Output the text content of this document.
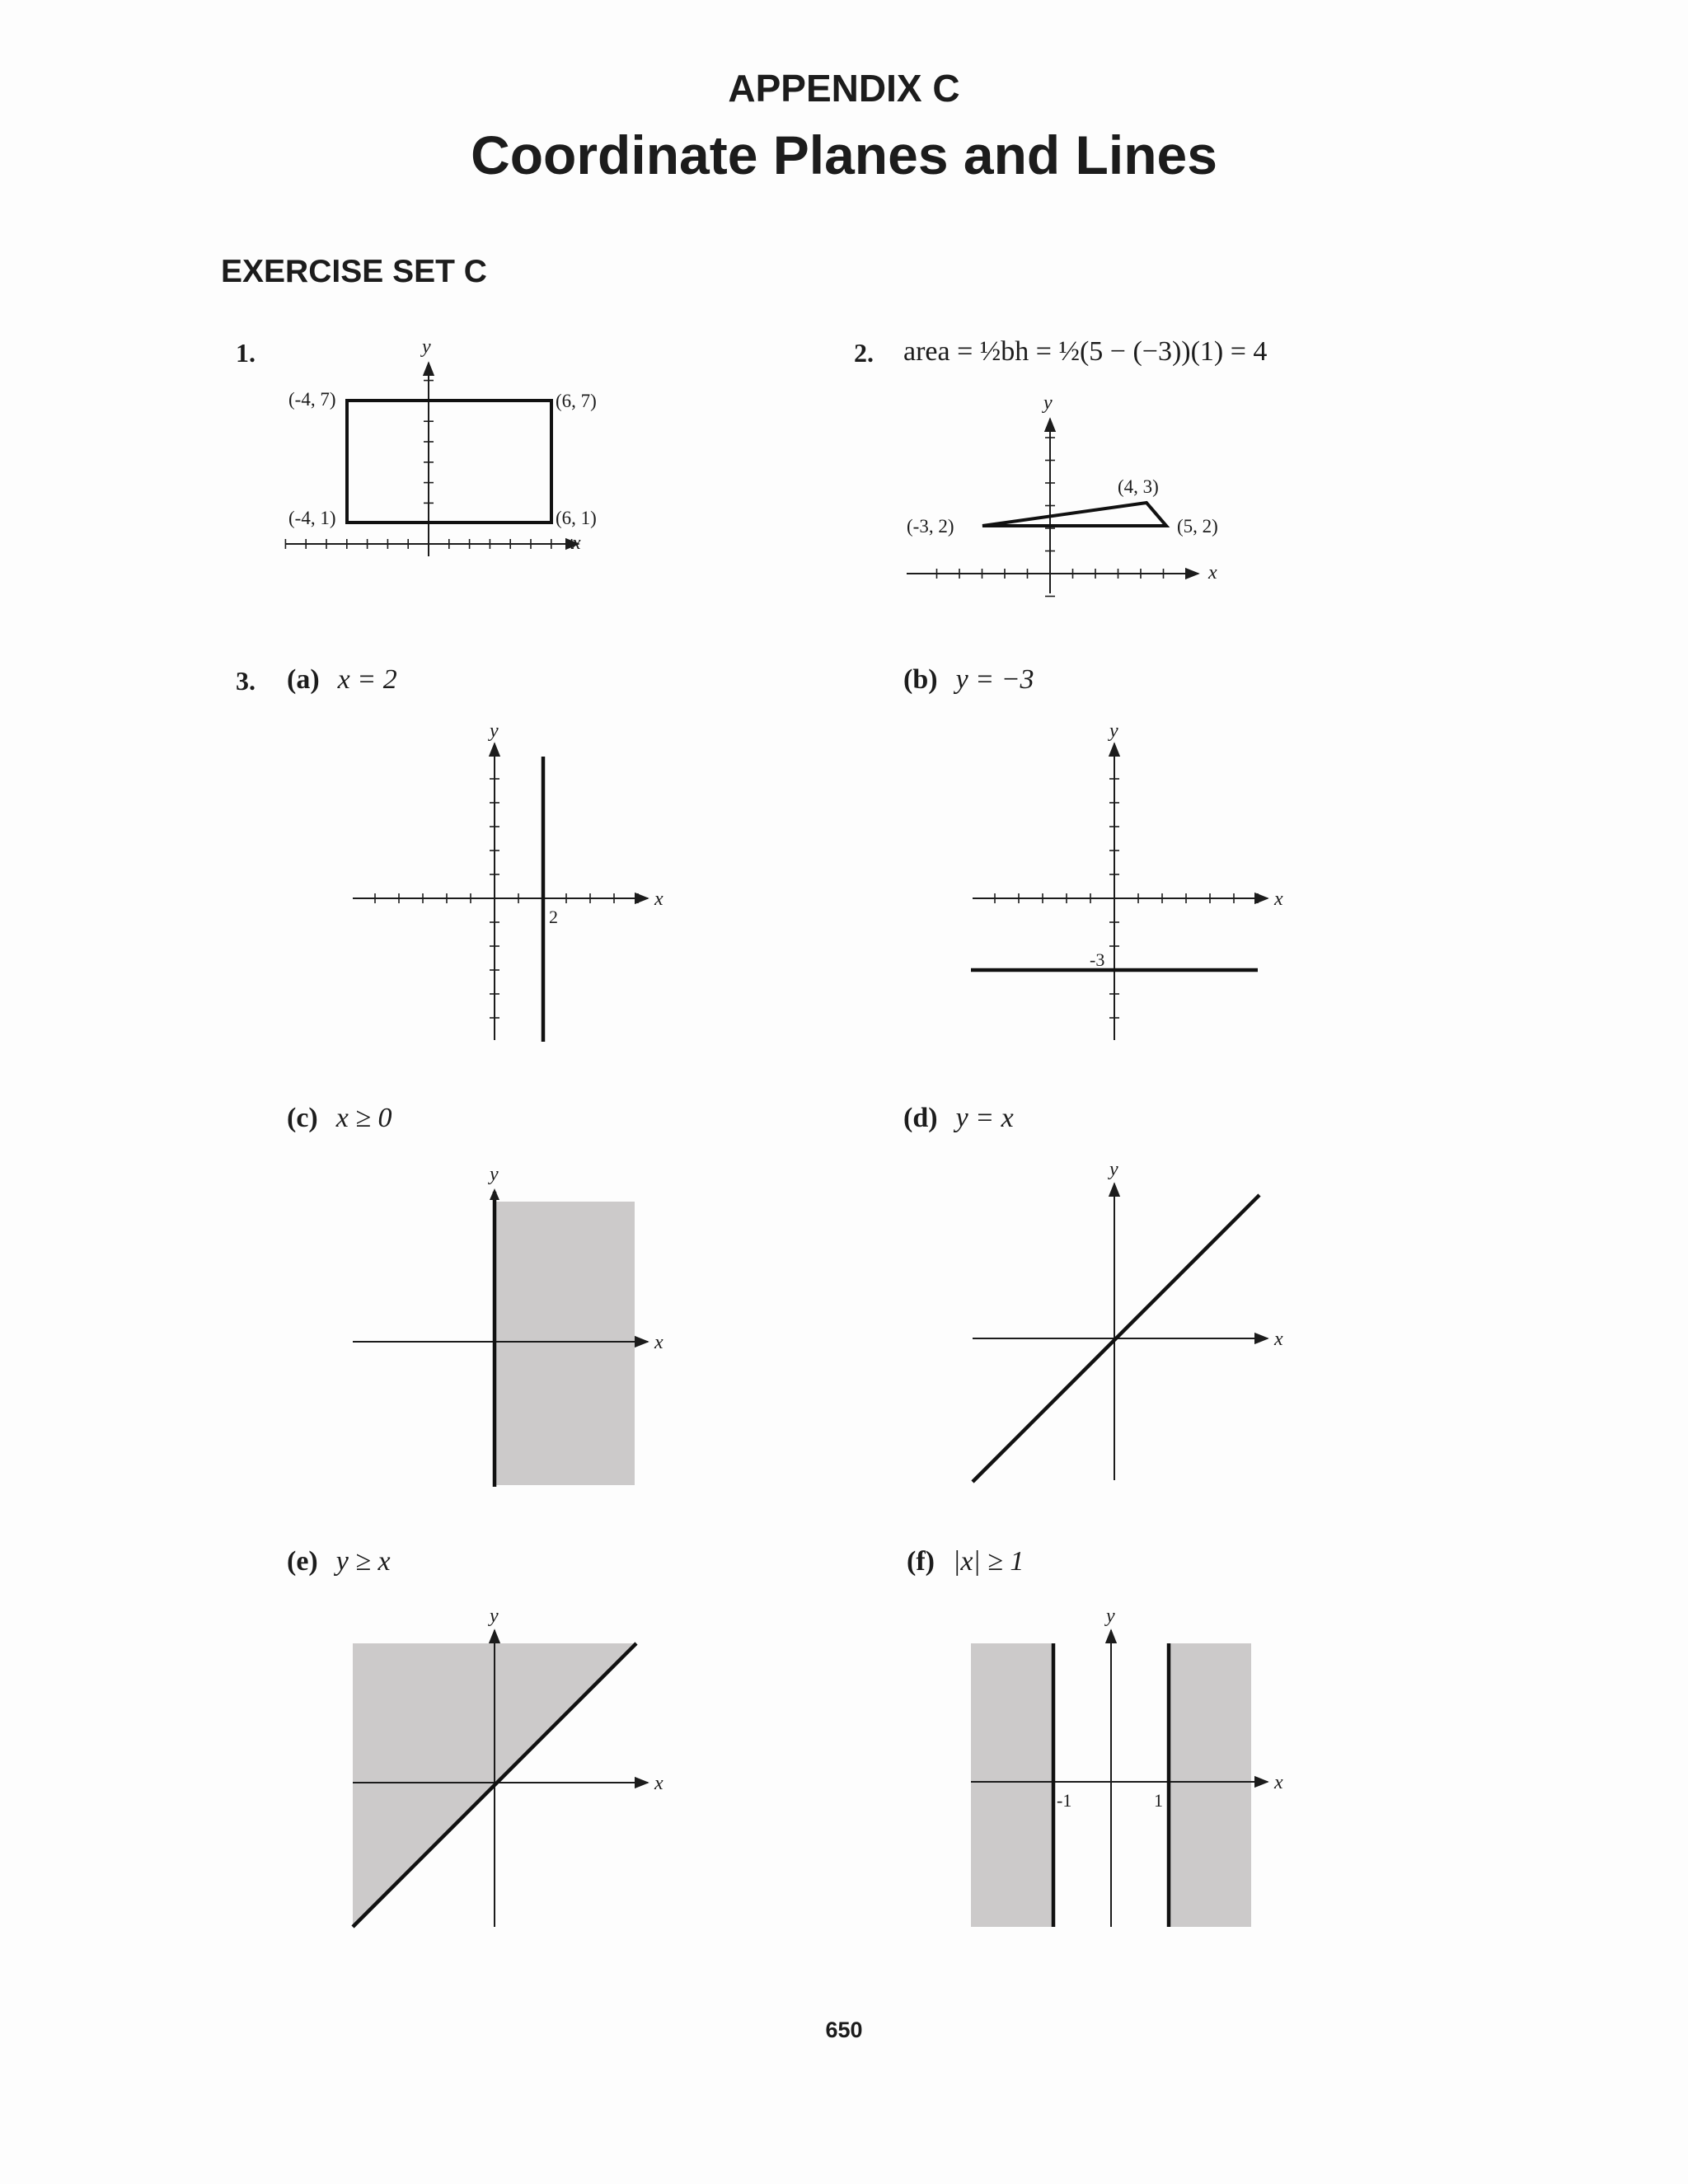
APPENDIX C
Coordinate Planes and Lines
EXERCISE SET C
1.	2. area = ½bh = ½(5 − (−3))(1) = 4
3. (a) x = 2	(b) y = −3
(c) x ≥ 0	(d) y = x
(e) y ≥ x	(f) |x| ≥ 1
650
x
y
(-4, 7)	(6, 7)
(-4, 1)	(6, 1)
x
y
(-3, 2)
(4, 3)
(5, 2)
x
y
2
x
y
-3
x
y
x
y
x
y
x
y
-1	1
